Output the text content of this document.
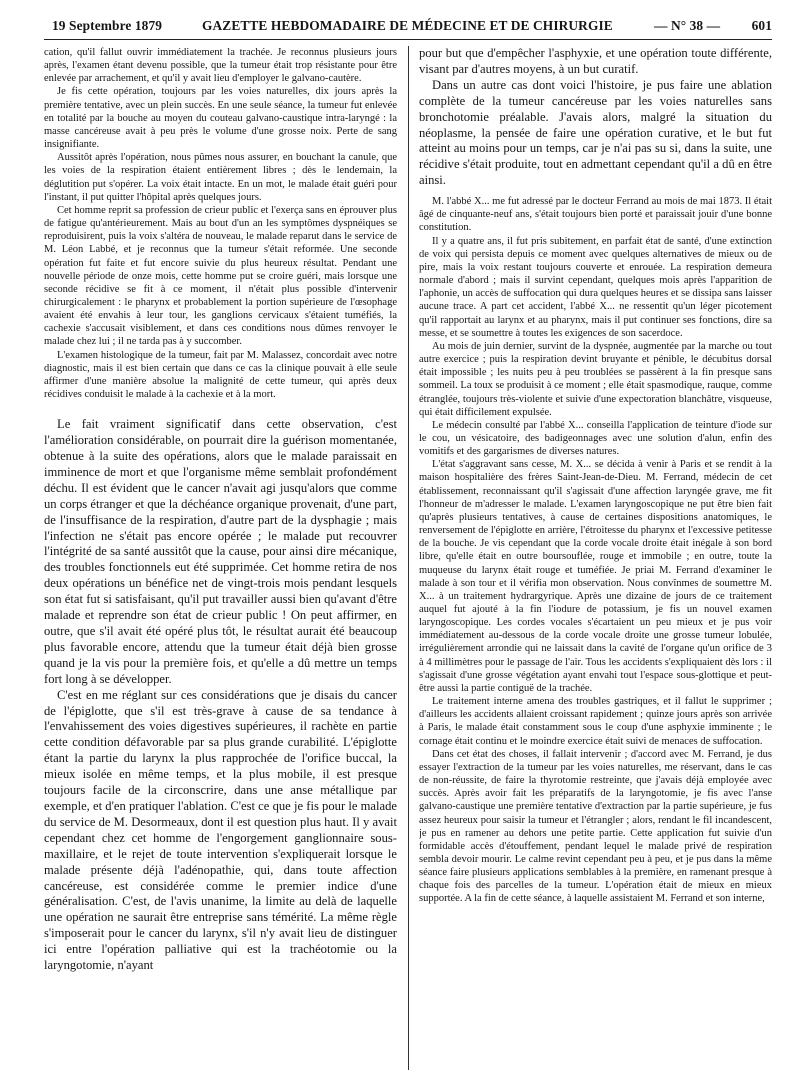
19 Septembre 1879	GAZETTE HEBDOMADAIRE DE MÉDECINE ET DE CHIRURGIE	— N° 38 — 601

cation, qu'il fallut ouvrir immédiatement la trachée. Je reconnus plusieurs jours après, l'examen étant devenu possible, que la tumeur était trop résistante pour être enlevée par arrachement, et qu'il y avait lieu d'employer le galvano-cautère.

Je fis cette opération, toujours par les voies naturelles, dix jours après la première tentative, avec un plein succès. En une seule séance, la tumeur fut enlevée en totalité par la bouche au moyen du couteau galvano-caustique intra-laryngé : la masse cancéreuse avait à peu près le volume d'une grosse noix. Perte de sang insignifiante.

Aussitôt après l'opération, nous pûmes nous assurer, en bouchant la canule, que les voies de la respiration étaient entièrement libres ; dès le lendemain, la déglutition put s'opérer. La voix était intacte. En un mot, le malade était guéri pour l'instant, il put quitter l'hôpital après quelques jours.

Cet homme reprit sa profession de crieur public et l'exerça sans en éprouver plus de fatigue qu'antérieurement. Mais au bout d'un an les symptômes dyspnéiques se reproduisirent, puis la voix s'altéra de nouveau, le malade reparut dans le service de M. Léon Labbé, et je reconnus que la tumeur s'était reformée. Une seconde opération fut faite et fut encore suivie du plus heureux résultat. Pendant une nouvelle période de onze mois, cette homme put se croire guéri, mais lorsque une seconde récidive se fit à ce moment, il n'était plus possible d'intervenir chirurgicalement : le pharynx et probablement la portion supérieure de l'œsophage avaient été envahis à leur tour, les ganglions cervicaux s'étaient tuméfiés, la cachexie s'accusait visiblement, et dans ces conditions nous dûmes renvoyer le malade chez lui ; il ne tarda pas à y succomber.

L'examen histologique de la tumeur, fait par M. Malassez, concordait avec notre diagnostic, mais il est bien certain que dans ce cas la clinique pouvait à elle seule affirmer d'une manière absolue la malignité de cette tumeur, qui après deux récidives conduisit le malade à la cachexie et à la mort.

Le fait vraiment significatif dans cette observation, c'est l'amélioration considérable, on pourrait dire la guérison momentanée, obtenue à la suite des opérations, alors que le malade paraissait en imminence de mort et que l'organisme même semblait profondément déchu. Il est évident que le cancer n'avait agi jusqu'alors que comme un corps étranger et que la déchéance organique provenait, d'une part, de l'insuffisance de la respiration, d'autre part de la dysphagie ; mais l'infection ne s'était pas encore opérée ; le malade put recouvrer l'intégrité de sa santé aussitôt que la cause, pour ainsi dire mécanique, des troubles fonctionnels eut été supprimée. Cet homme retira de nos deux opérations un bénéfice net de vingt-trois mois pendant lesquels son état fut si satisfaisant, qu'il put travailler aussi bien qu'avant d'être malade et reprendre son état de crieur public ! On peut affirmer, en outre, que s'il avait été opéré plus tôt, le résultat aurait été beaucoup plus favorable encore, attendu que la tumeur était déjà bien grosse quand je la vis pour la première fois, et qu'elle a dû mettre un temps fort long à se développer.

C'est en me réglant sur ces considérations que je disais du cancer de l'épiglotte, que s'il est très-grave à cause de sa tendance à l'envahissement des voies digestives supérieures, il rachète en partie cette condition défavorable par sa plus grande curabilité. L'épiglotte étant la partie du larynx la plus rapprochée de l'orifice buccal, la mieux isolée en même temps, et la plus mobile, il est presque toujours facile de la circonscrire, dans une anse métallique par exemple, et d'en pratiquer l'ablation. C'est ce que je fis pour le malade du service de M. Desormeaux, dont il est question plus haut. Il y avait cependant chez cet homme de l'engorgement ganglionnaire sous-maxillaire, et le rejet de toute intervention s'expliquerait lorsque le malade présente déjà l'adénopathie, qui, dans toute affection cancéreuse, est considérée comme le premier indice d'une généralisation. C'est, de l'avis unanime, la limite au delà de laquelle une opération ne saurait être entreprise sans témérité. La même règle s'imposerait pour le cancer du larynx, s'il n'y avait lieu de distinguer ici entre l'opération palliative qui est la trachéotomie ou la laryngotomie, n'ayant

pour but que d'empêcher l'asphyxie, et une opération toute différente, visant par d'autres moyens, à un but curatif.

Dans un autre cas dont voici l'histoire, je pus faire une ablation complète de la tumeur cancéreuse par les voies naturelles sans bronchotomie préalable. J'avais alors, malgré la situation du néoplasme, la pensée de faire une opération curative, et le but fut atteint au moins pour un temps, car je n'ai pas su si, dans la suite, une récidive s'était produite, tout en admettant cependant qu'il a dû en être ainsi.

M. l'abbé X... me fut adressé par le docteur Ferrand au mois de mai 1873. Il était âgé de cinquante-neuf ans, s'était toujours bien porté et paraissait jouir d'une bonne constitution.

Il y a quatre ans, il fut pris subitement, en parfait état de santé, d'une extinction de voix qui persista depuis ce moment avec quelques alternatives de mieux ou de pire, mais la voix restant toujours couverte et enrouée. La respiration demeura normale d'abord ; mais il survint cependant, quelques mois après l'apparition de l'aphonie, un accès de suffocation qui dura quelques heures et se dissipa sans laisser aucune trace. A part cet accident, l'abbé X... ne ressentit qu'un léger picotement qu'il rapportait au larynx et au pharynx, mais il put continuer ses fonctions, dire sa messe, et se soumettre à toutes les exigences de son sacerdoce.

Au mois de juin dernier, survint de la dyspnée, augmentée par la marche ou tout autre exercice ; puis la respiration devint bruyante et pénible, le décubitus dorsal était impossible ; les nuits peu à peu troublées se passèrent à la fin presque sans sommeil. La toux se produisit à ce moment ; elle était spasmodique, rauque, comme étranglée, toujours très-violente et suivie d'une expectoration blanchâtre, visqueuse, qui était difficilement expulsée.

Le médecin consulté par l'abbé X... conseilla l'application de teinture d'iode sur le cou, un vésicatoire, des badigeonnages avec une solution d'alun, enfin des vomitifs et des gargarismes de diverses natures.

L'état s'aggravant sans cesse, M. X... se décida à venir à Paris et se rendit à la maison hospitalière des frères Saint-Jean-de-Dieu. M. Ferrand, médecin de cet établissement, reconnaissant qu'il s'agissait d'une affection laryngée grave, me fit l'honneur de m'adresser le malade. L'examen laryngoscopique ne put être bien fait qu'après plusieurs tentatives, à cause de certaines dispositions anatomiques, le renversement de l'épiglotte en arrière, l'étroitesse du pharynx et l'excessive petitesse de la bouche. Je vis cependant que la corde vocale droite était inégale à son bord libre, qu'elle était en outre boursouflée, rouge et immobile ; en outre, toute la muqueuse du larynx était rouge et tuméfiée. Je priai M. Ferrand d'examiner le malade à son tour et il vérifia mon observation. Nous convînmes de soumettre M. X... à un traitement hydrargyrique. Après une dizaine de jours de ce traitement auquel fut ajouté à la fin l'iodure de potassium, je fis un nouvel examen laryngoscopique. Les cordes vocales s'écartaient un peu mieux et je pus voir immédiatement au-dessous de la corde vocale droite une grosse tumeur lobulée, irrégulièrement arrondie qui ne laissait dans la cavité de l'organe qu'un orifice de 3 à 4 millimètres pour le passage de l'air. Tous les accidents s'expliquaient dès lors : il s'agissait d'une grosse végétation ayant envahi tout l'espace sous-glottique et peut-être aussi la partie contiguë de la trachée.

Le traitement interne amena des troubles gastriques, et il fallut le supprimer ; d'ailleurs les accidents allaient croissant rapidement ; quinze jours après son arrivée à Paris, le malade était constamment sous le coup d'une asphyxie imminente ; le cornage était continu et le moindre exercice était suivi de menaces de suffocation.

Dans cet état des choses, il fallait intervenir ; d'accord avec M. Ferrand, je dus essayer l'extraction de la tumeur par les voies naturelles, me réservant, dans le cas de non-réussite, de faire la thyrotomie restreinte, que j'avais déjà employée avec succès. Après avoir fait les préparatifs de la laryngotomie, je fis avec l'anse galvano-caustique une première tentative d'extraction par la partie supérieure, je fus assez heureux pour saisir la tumeur et l'étrangler ; alors, rendant le fil incandescent, je pus en ramener au dehors une petite partie. Cette application fut suivie d'un formidable accès d'étouffement, pendant lequel le malade privé de respiration sembla devoir mourir. Le calme revint cependant peu à peu, et je pus dans la même séance faire plusieurs applications semblables à la première, en ramenant presque à chaque fois des parcelles de la tumeur. L'opération était de mieux en mieux supportée. A la fin de cette séance, à laquelle assistaient M. Ferrand et son interne,
